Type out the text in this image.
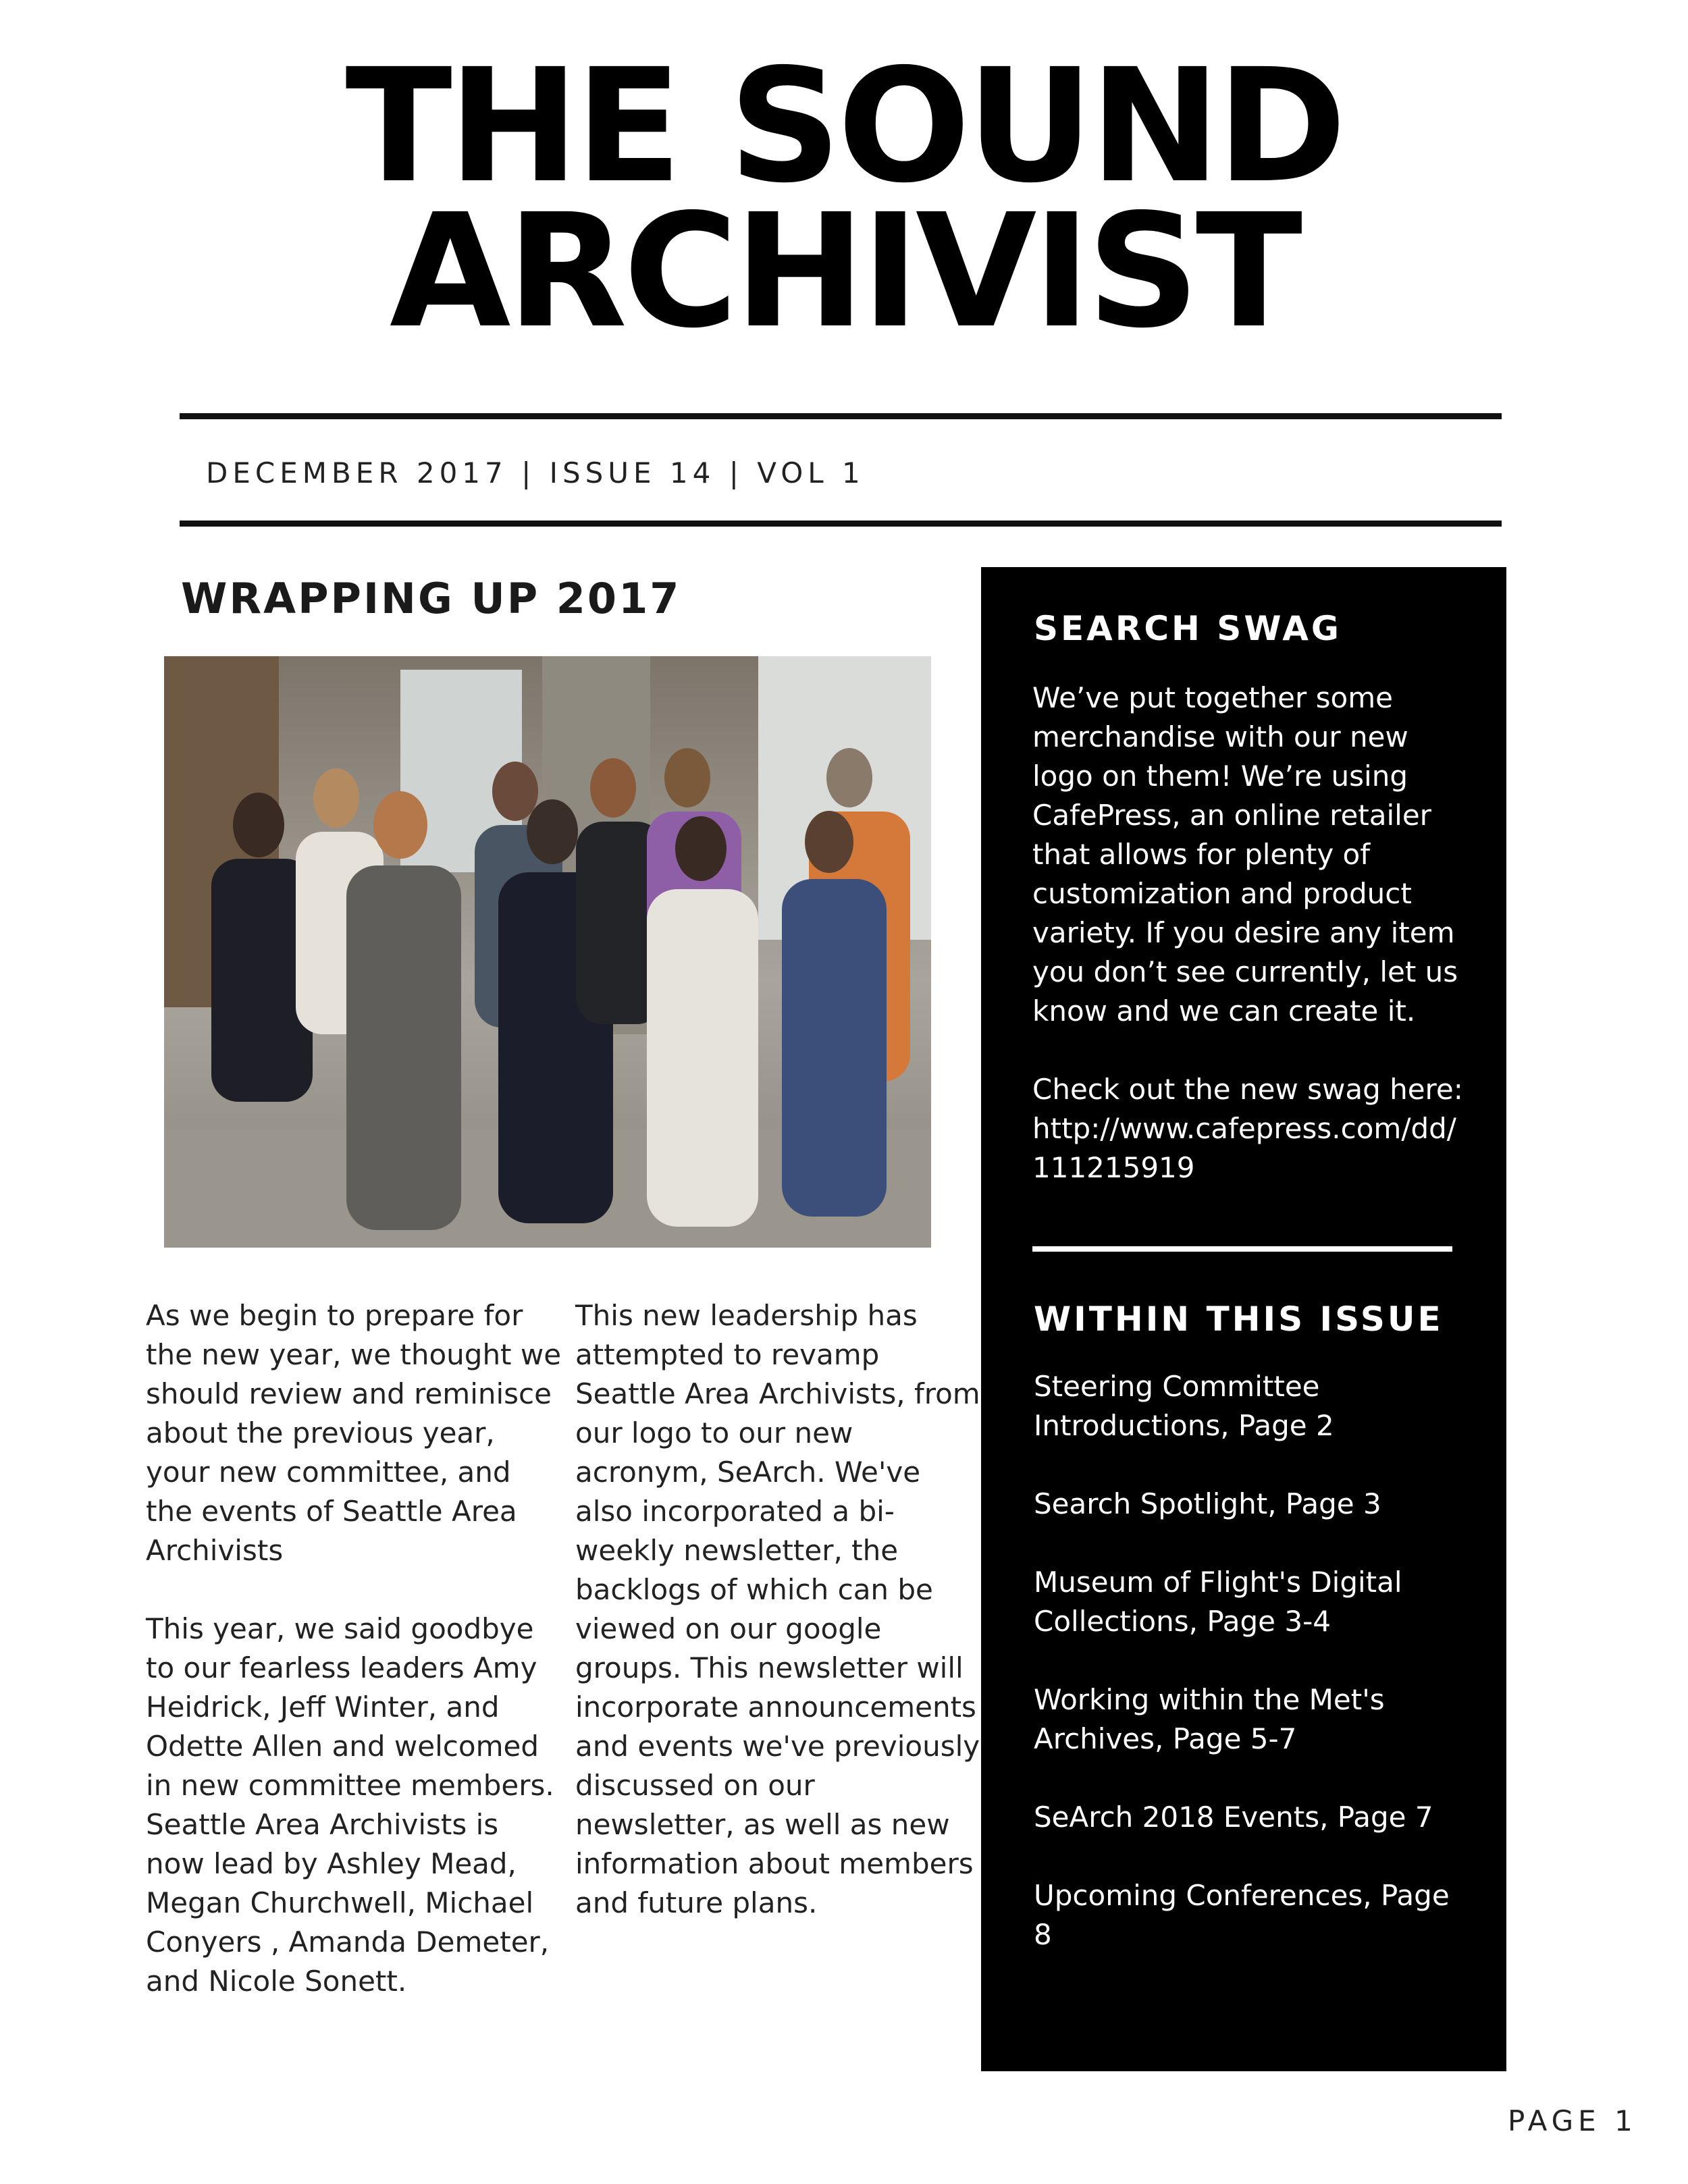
THE SOUND
ARCHIVIST
DECEMBER 2017 | ISSUE 14 | VOL 1
WRAPPING UP 2017

As we begin to prepare for the new year, we thought we should review and reminisce about the previous year, your new committee, and the events of Seattle Area Archivists

This year, we said goodbye to our fearless leaders Amy Heidrick, Jeff Winter, and Odette Allen and welcomed in new committee members. Seattle Area Archivists is now lead by Ashley Mead, Megan Churchwell, Michael Conyers , Amanda Demeter, and Nicole Sonett.

This new leadership has attempted to revamp Seattle Area Archivists, from our logo to our new acronym, SeArch. We've also incorporated a bi-weekly newsletter, the backlogs of which can be viewed on our google groups. This newsletter will incorporate announcements and events we've previously discussed on our newsletter, as well as new information about members and future plans.

SEARCH SWAG

We’ve put together some merchandise with our new logo on them! We’re using CafePress, an online retailer that allows for plenty of customization and product variety. If you desire any item you don’t see currently, let us know and we can create it.

Check out the new swag here: http://www.cafepress.com/dd/111215919

WITHIN THIS ISSUE
Steering Committee Introductions, Page 2
Search Spotlight, Page 3
Museum of Flight's Digital Collections, Page 3-4
Working within the Met's Archives, Page 5-7
SeArch 2018 Events, Page 7
Upcoming Conferences, Page 8
PAGE 1
